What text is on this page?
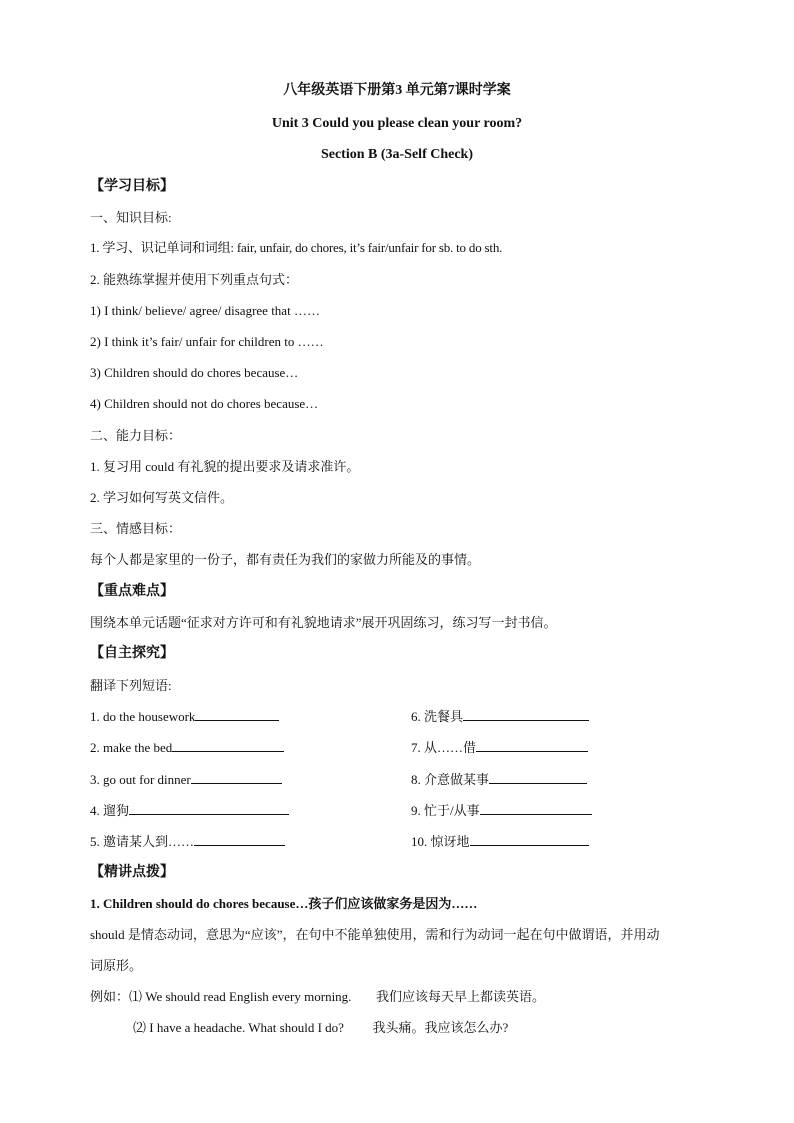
八年级英语下册第3 单元第7课时学案
Unit 3 Could you please clean your room?
Section B (3a-Self Check)
【学习目标】
一、知识目标:
1. 学习、识记单词和词组: fair, unfair, do chores, it’s fair/unfair for sb. to do sth.
2. 能熟练掌握并使用下列重点句式：
1) I think/ believe/ agree/ disagree that ……
2) I think it’s fair/ unfair for children to ……
3) Children should do chores because…
4) Children should not do chores because…
二、能力目标：
1. 复习用 could 有礼貌的提出要求及请求准许。
2. 学习如何写英文信件。
三、情感目标：
每个人都是家里的一份子，都有责任为我们的家做力所能及的事情。
【重点难点】
围绕本单元话题“征求对方许可和有礼貌地请求”展开巩固练习，练习写一封书信。
【自主探究】
翻译下列短语:
1. do the housework
2. make the bed
3. go out for dinner
4. 遛狗
5. 邀请某人到……
6. 洗餐具
7. 从……借
8. 介意做某事
9. 忙于/从事
10. 惊讶地
【精讲点拨】
1. Children should do chores because…孩子们应该做家务是因为……
should 是情态动词，意思为“应该”，在句中不能单独使用，需和行为动词一起在句中做谓语，并用动
词原形。
例如：⑴ We should read English every morning. 我们应该每天早上都读英语。
⑵ I have a headache. What should I do? 我头痛。我应该怎么办?
